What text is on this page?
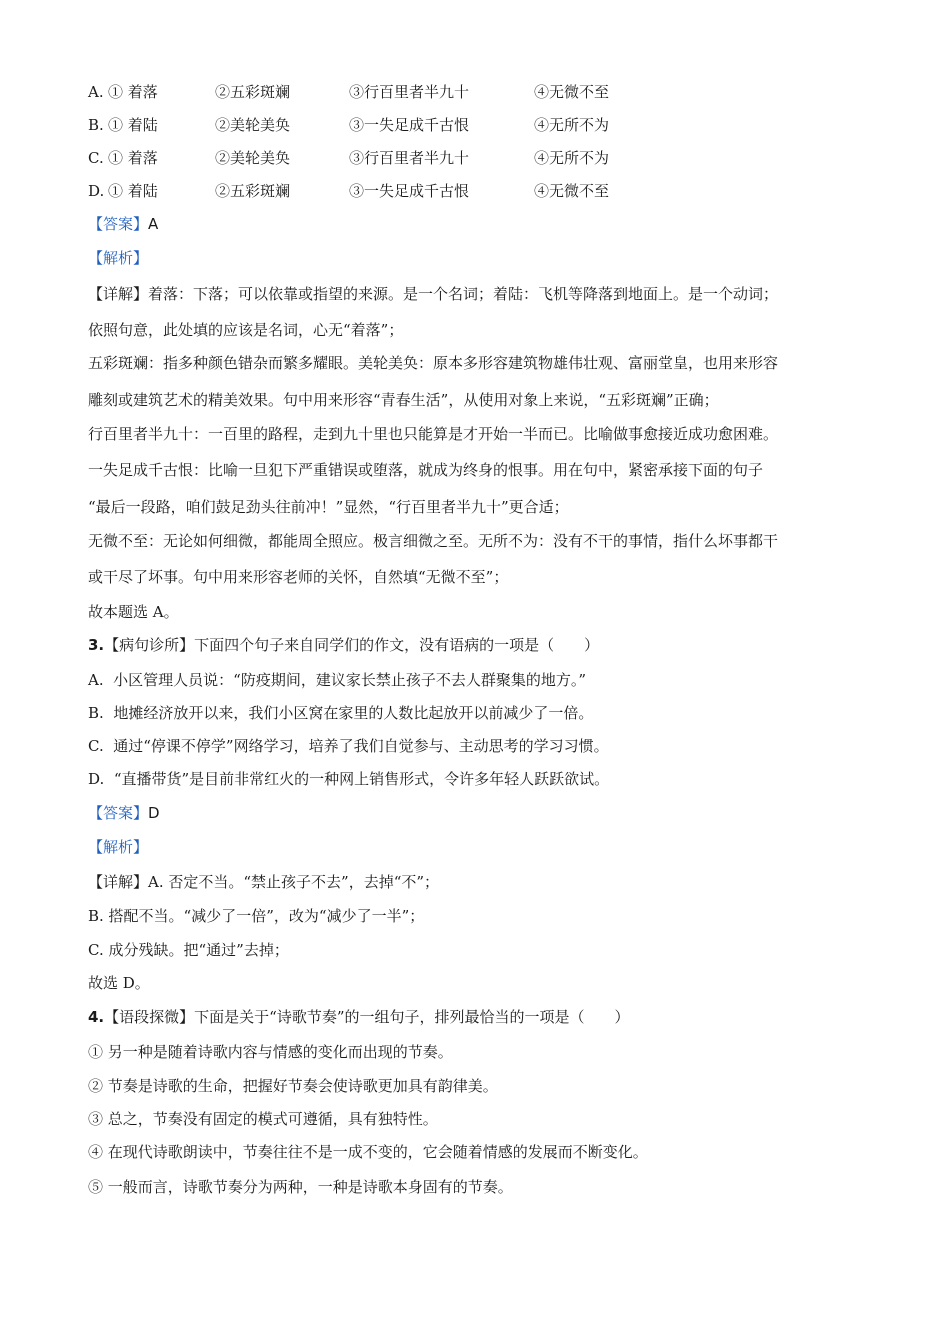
A. ① 着落	②五彩斑斓	③行百里者半九十	④无微不至
B. ① 着陆	②美轮美奂	③一失足成千古恨	④无所不为
C. ① 着落	②美轮美奂	③行百里者半九十	④无所不为
D. ① 着陆	②五彩斑斓	③一失足成千古恨	④无微不至
【答案】A
【解析】
【详解】着落：下落；可以依靠或指望的来源。是一个名词；着陆：飞机等降落到地面上。是一个动词；
依照句意，此处填的应该是名词，心无“着落”；
五彩斑斓：指多种颜色错杂而繁多耀眼。美轮美奂：原本多形容建筑物雄伟壮观、富丽堂皇，也用来形容
雕刻或建筑艺术的精美效果。句中用来形容“青春生活”，从使用对象上来说，“五彩斑斓”正确；
行百里者半九十：一百里的路程，走到九十里也只能算是才开始一半而已。比喻做事愈接近成功愈困难。
一失足成千古恨：比喻一旦犯下严重错误或堕落，就成为终身的恨事。用在句中，紧密承接下面的句子
“最后一段路，咱们鼓足劲头往前冲！”显然，“行百里者半九十”更合适；
无微不至：无论如何细微，都能周全照应。极言细微之至。无所不为：没有不干的事情，指什么坏事都干
或干尽了坏事。句中用来形容老师的关怀，自然填“无微不至”；
故本题选 A。
3.【病句诊所】下面四个句子来自同学们的作文，没有语病的一项是（　　）
A. 小区管理人员说：“防疫期间，建议家长禁止孩子不去人群聚集的地方。”
B. 地摊经济放开以来，我们小区窝在家里的人数比起放开以前减少了一倍。
C. 通过“停课不停学”网络学习，培养了我们自觉参与、主动思考的学习习惯。
D. “直播带货”是目前非常红火的一种网上销售形式，令许多年轻人跃跃欲试。
【答案】D
【解析】
【详解】A. 否定不当。“禁止孩子不去”，去掉“不”；
B. 搭配不当。“减少了一倍”，改为“减少了一半”；
C. 成分残缺。把“通过”去掉；
故选 D。
4.【语段探微】下面是关于“诗歌节奏”的一组句子，排列最恰当的一项是（　　）
① 另一种是随着诗歌内容与情感的变化而出现的节奏。
② 节奏是诗歌的生命，把握好节奏会使诗歌更加具有韵律美。
③ 总之，节奏没有固定的模式可遵循，具有独特性。
④ 在现代诗歌朗读中，节奏往往不是一成不变的，它会随着情感的发展而不断变化。
⑤ 一般而言，诗歌节奏分为两种，一种是诗歌本身固有的节奏。
